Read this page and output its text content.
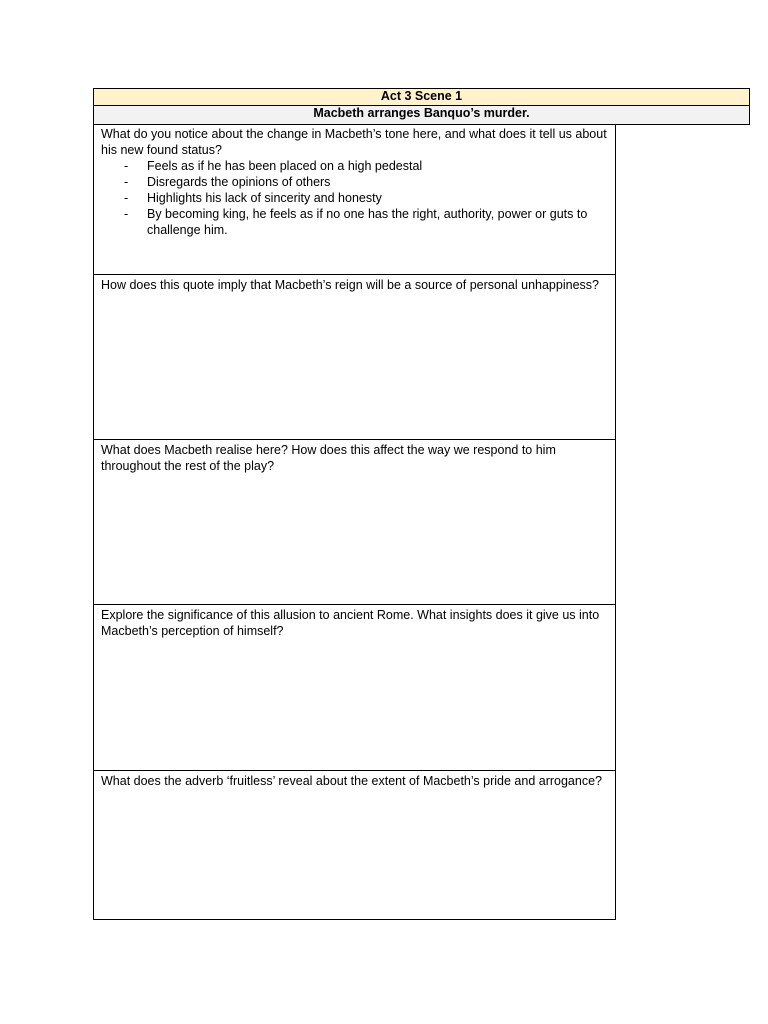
Act 3 Scene 1
Macbeth arranges Banquo’s murder.

What do you notice about the change in Macbeth’s tone here, and what does it tell us about his new found status?

- Feels as if he has been placed on a high pedestal
- Disregards the opinions of others
- Highlights his lack of sincerity and honesty
- By becoming king, he feels as if no one has the right, authority, power or guts to challenge him.

How does this quote imply that Macbeth’s reign will be a source of personal unhappiness?

What does Macbeth realise here? How does this affect the way we respond to him throughout the rest of the play?

Explore the significance of this allusion to ancient Rome. What insights does it give us into Macbeth’s perception of himself?

What does the adverb ‘fruitless’ reveal about the extent of Macbeth’s pride and arrogance?
